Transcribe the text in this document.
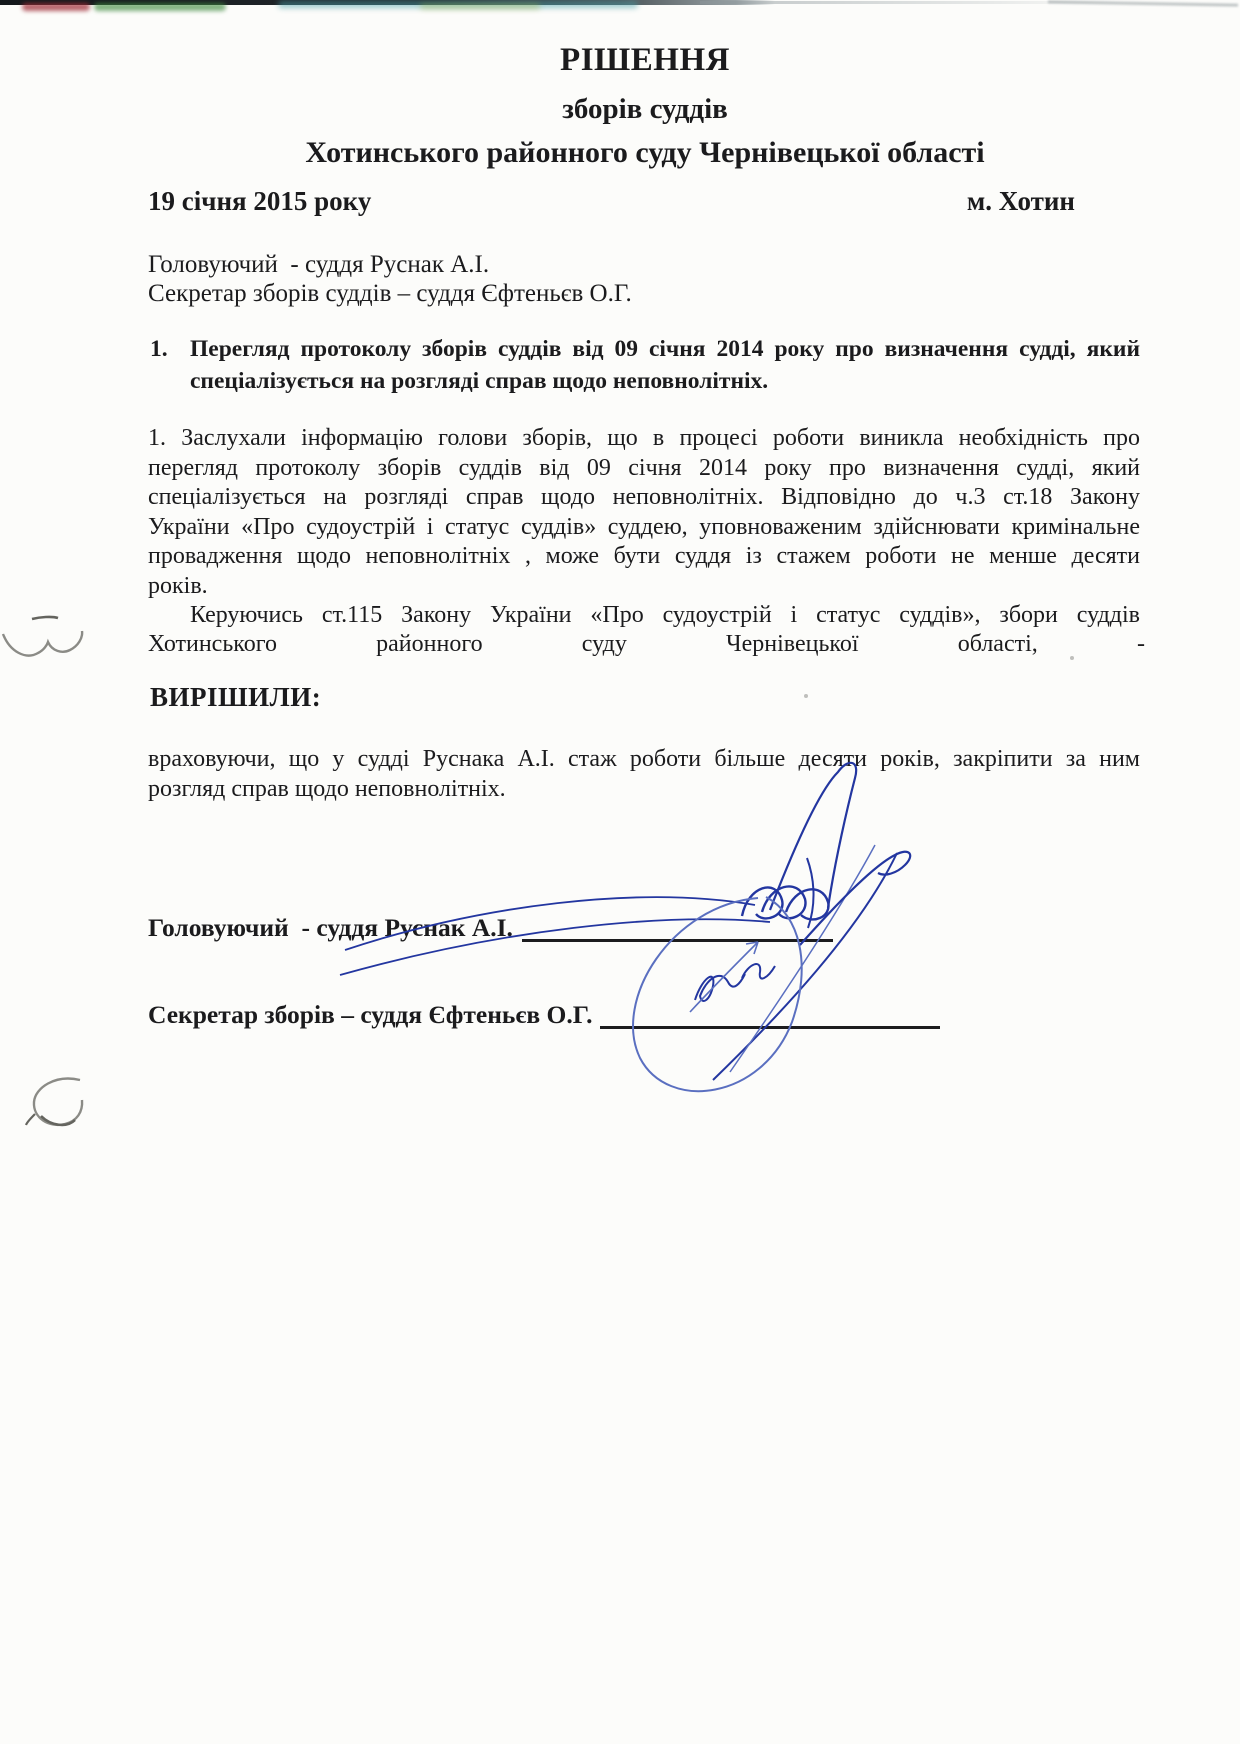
РІШЕННЯ
зборів суддів
Хотинського районного суду Чернівецької області
19 січня 2015 року	м. Хотин
Головуючий  - суддя Руснак А.І.
Секретар зборів суддів – суддя Єфтеньєв О.Г.
1. Перегляд протоколу зборів суддів від 09 січня 2014 року про визначення судді, який
спеціалізується на розгляді справ щодо неповнолітніх.
1. Заслухали інформацію голови зборів, що в процесі роботи виникла необхідність про
перегляд протоколу зборів суддів від 09 січня 2014 року про визначення судді, який
спеціалізується на розгляді справ щодо неповнолітніх. Відповідно до ч.3 ст.18 Закону
України «Про судоустрій і статус суддів» суддею, уповноваженим здійснювати кримінальне
провадження щодо неповнолітніх , може бути суддя із стажем роботи не менше десяти
років.
Керуючись ст.115 Закону України «Про судоустрій і статус суддів», збори суддів
Хотинського	районного	суду	Чернівецької	області,	-
ВИРІШИЛИ:
враховуючи, що у судді Руснака А.І. стаж роботи більше десяти років, закріпити за ним
розгляд справ щодо неповнолітніх.
Головуючий  - суддя Руснак А.І.
Секретар зборів – суддя Єфтеньєв О.Г.
